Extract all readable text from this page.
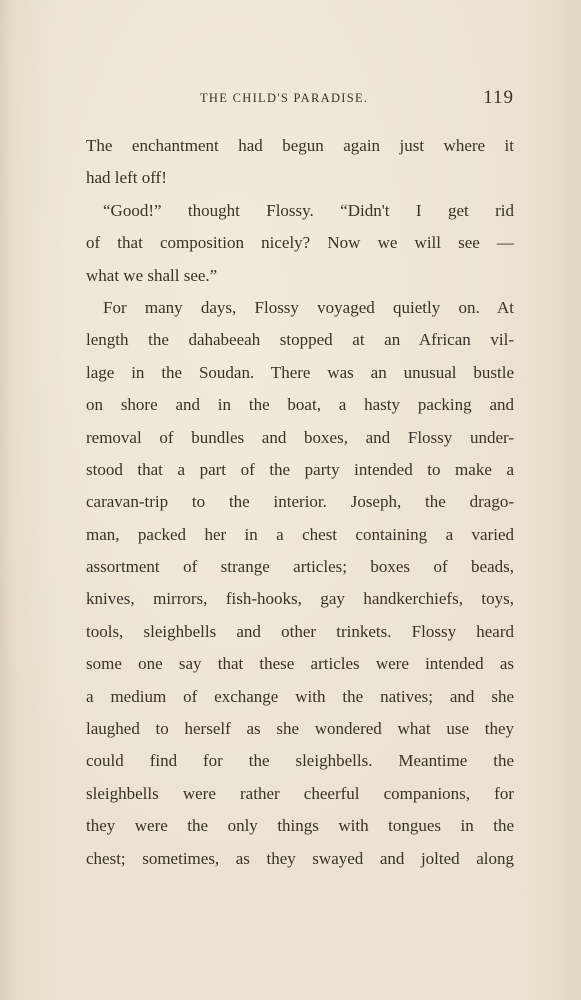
THE CHILD'S PARADISE.	119
The enchantment had begun again just where it
had left off!
“Good!” thought Flossy. “Didn't I get rid
of that composition nicely? Now we will see —
what we shall see.”
For many days, Flossy voyaged quietly on. At
length the dahabeeah stopped at an African vil-
lage in the Soudan. There was an unusual bustle
on shore and in the boat, a hasty packing and
removal of bundles and boxes, and Flossy under-
stood that a part of the party intended to make a
caravan-trip to the interior. Joseph, the drago-
man, packed her in a chest containing a varied
assortment of strange articles; boxes of beads,
knives, mirrors, fish-hooks, gay handkerchiefs, toys,
tools, sleighbells and other trinkets. Flossy heard
some one say that these articles were intended as
a medium of exchange with the natives; and she
laughed to herself as she wondered what use they
could find for the sleighbells. Meantime the
sleighbells were rather cheerful companions, for
they were the only things with tongues in the
chest; sometimes, as they swayed and jolted along
